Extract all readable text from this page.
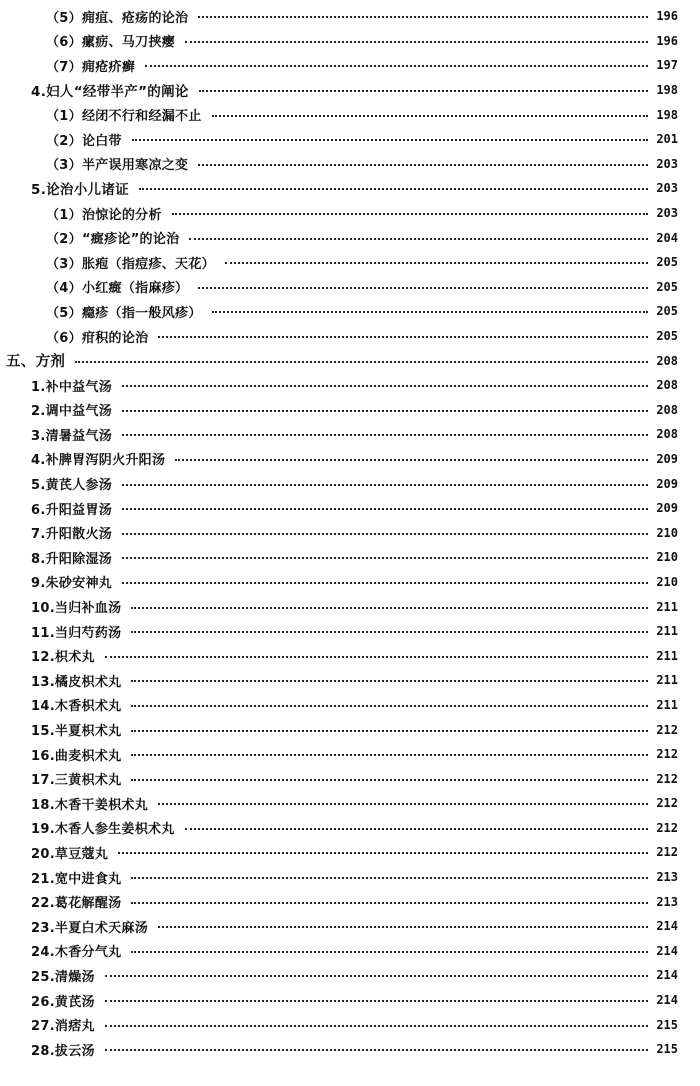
（5）痈疽、疮疡的论治	196
（6）瘰疬、马刀挟瘿	196
（7）痈疮疥癣	197
4.妇人“经带半产”的阐论	198
（1）经闭不行和经漏不止	198
（2）论白带	201
（3）半产误用寒凉之变	203
5.论治小儿诸证	203
（1）治惊论的分析	203
（2）“癍疹论”的论治	204
（3）胀疱（指痘疹、天花）	205
（4）小红癍（指麻疹）	205
（5）瘾疹（指一般风疹）	205
（6）疳积的论治	205
五、方剂	208
1.补中益气汤	208
2.调中益气汤	208
3.清暑益气汤	208
4.补脾胃泻阴火升阳汤	209
5.黄芪人参汤	209
6.升阳益胃汤	209
7.升阳散火汤	210
8.升阳除湿汤	210
9.朱砂安神丸	210
10.当归补血汤	211
11.当归芍药汤	211
12.枳术丸	211
13.橘皮枳术丸	211
14.木香枳术丸	211
15.半夏枳术丸	212
16.曲麦枳术丸	212
17.三黄枳术丸	212
18.木香干姜枳术丸	212
19.木香人参生姜枳术丸	212
20.草豆蔻丸	212
21.宽中进食丸	213
22.葛花解醒汤	213
23.半夏白术天麻汤	214
24.木香分气丸	214
25.清燥汤	214
26.黄芪汤	214
27.消痞丸	215
28.拔云汤	215
